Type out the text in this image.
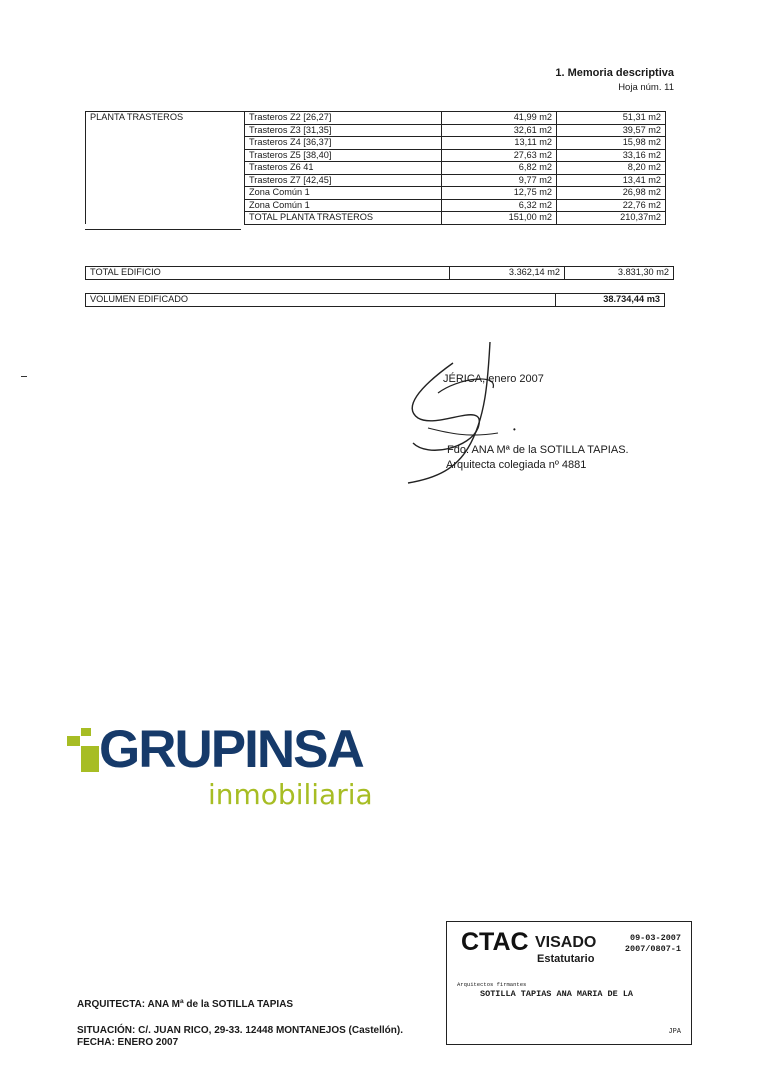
1. Memoria descriptiva
Hoja núm. 11
PLANTA TRASTEROS	Trasteros Z2 [26,27]	41,99 m2	51,31 m2
	Trasteros Z3 [31,35]	32,61 m2	39,57 m2
	Trasteros Z4 [36,37]	13,11 m2	15,98 m2
	Trasteros Z5 [38,40]	27,63 m2	33,16 m2
	Trasteros Z6 41	6,82 m2	8,20 m2
	Trasteros Z7 [42,45]	9,77 m2	13,41 m2
	Zona Común 1	12,75 m2	26,98 m2
	Zona Común 1	6,32 m2	22,76 m2
	TOTAL PLANTA TRASTEROS	151,00 m2	210,37m2
TOTAL EDIFICIO	3.362,14 m2	3.831,30 m2
VOLUMEN EDIFICADO	38.734,44 m3
JÉRICA, enero 2007
•
Fdo. ANA Mª de la SOTILLA TAPIAS.
Arquitecta colegiada nº 4881
GRUPINSA
inmobiliaria
CTAC VISADO
Estatutario
09-03-2007
2007/0807-1
Arquitectos firmantes
SOTILLA TAPIAS ANA MARIA DE LA
JPA
ARQUITECTA: ANA Mª de la SOTILLA TAPIAS
SITUACIÓN: C/. JUAN RICO, 29-33. 12448 MONTANEJOS (Castellón).
FECHA: ENERO 2007
